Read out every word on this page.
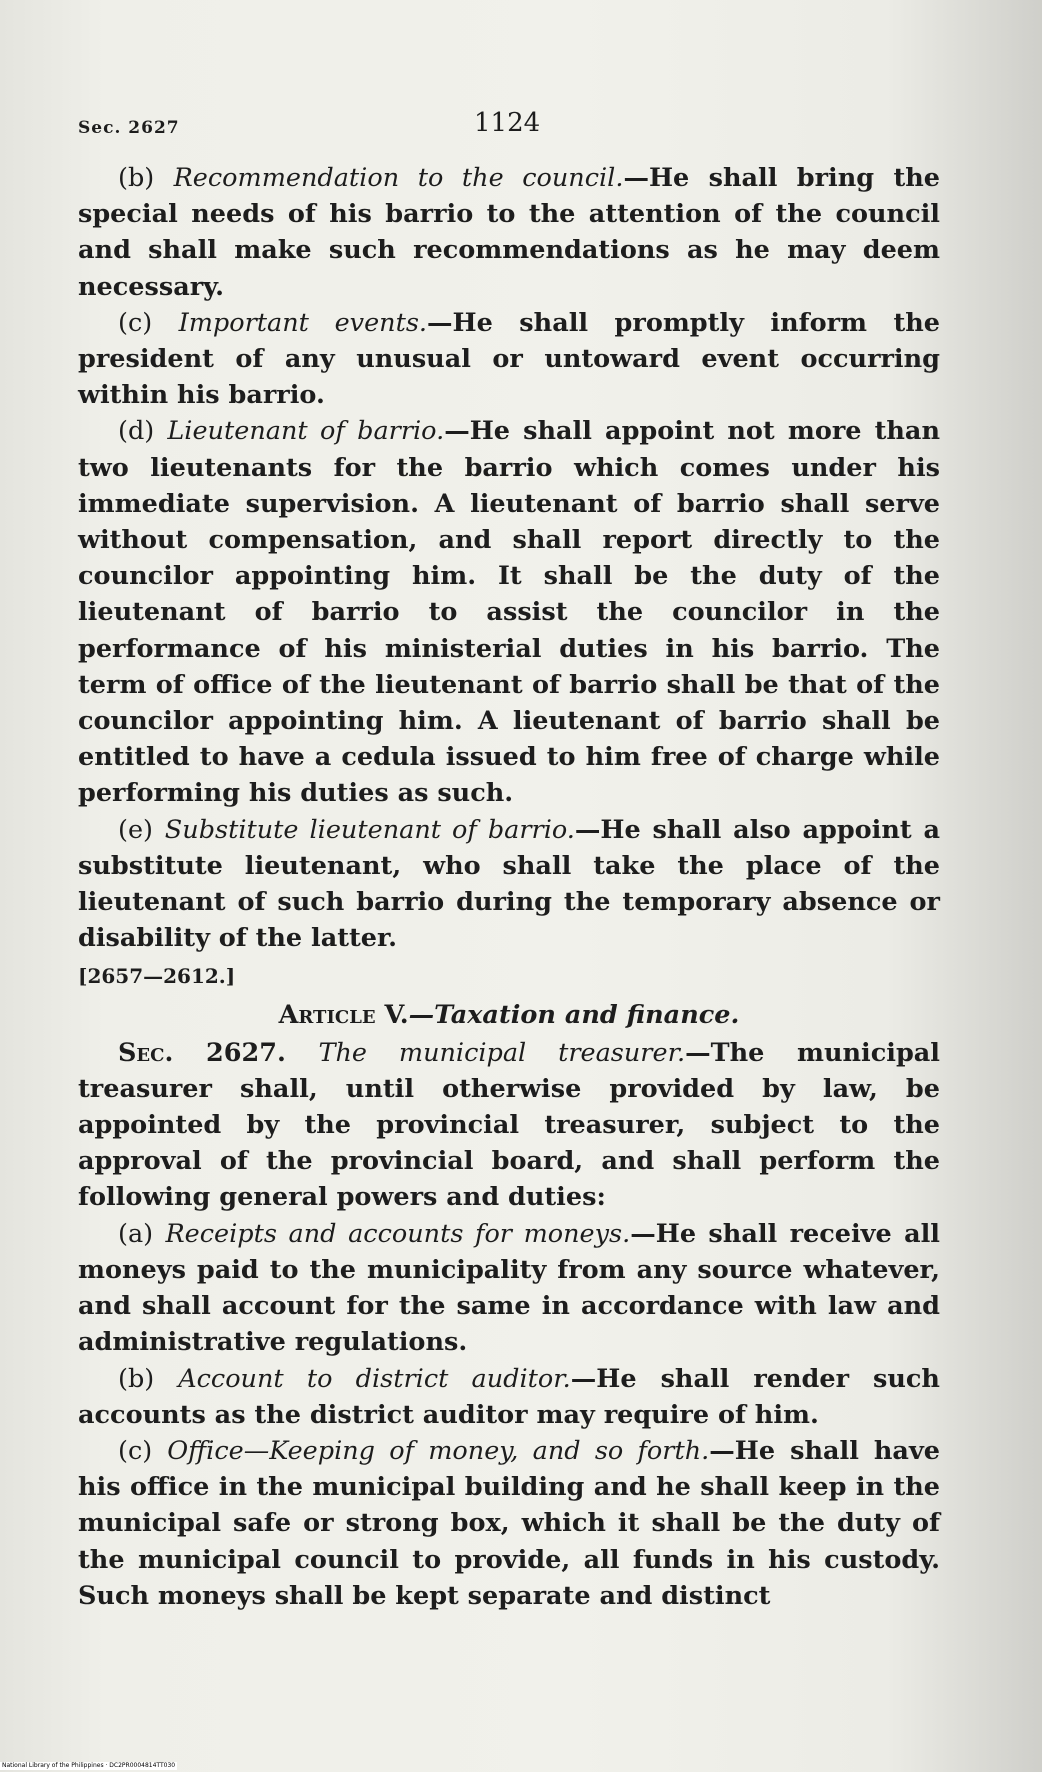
Sec. 2627	1124

(b) Recommendation to the council.—He shall bring the special needs of his barrio to the attention of the council and shall make such recommendations as he may deem necessary.

(c) Important events.—He shall promptly inform the president of any unusual or untoward event occurring within his barrio.

(d) Lieutenant of barrio.—He shall appoint not more than two lieutenants for the barrio which comes under his immediate supervision. A lieutenant of barrio shall serve without compensation, and shall report directly to the councilor appointing him. It shall be the duty of the lieutenant of barrio to assist the councilor in the performance of his ministerial duties in his barrio. The term of office of the lieutenant of barrio shall be that of the councilor appointing him. A lieutenant of barrio shall be entitled to have a cedula issued to him free of charge while performing his duties as such.

(e) Substitute lieutenant of barrio.—He shall also appoint a substitute lieutenant, who shall take the place of the lieutenant of such barrio during the temporary absence or disability of the latter.

[2657—2612.]

Article V.—Taxation and finance.

Sec. 2627. The municipal treasurer.—The municipal treasurer shall, until otherwise provided by law, be appointed by the provincial treasurer, subject to the approval of the provincial board, and shall perform the following general powers and duties:

(a) Receipts and accounts for moneys.—He shall receive all moneys paid to the municipality from any source whatever, and shall account for the same in accordance with law and administrative regulations.

(b) Account to district auditor.—He shall render such accounts as the district auditor may require of him.

(c) Office—Keeping of money, and so forth.—He shall have his office in the municipal building and he shall keep in the municipal safe or strong box, which it shall be the duty of the municipal council to provide, all funds in his custody. Such moneys shall be kept separate and distinct

National Library of the Philippines · DC2PR0004814TT030
